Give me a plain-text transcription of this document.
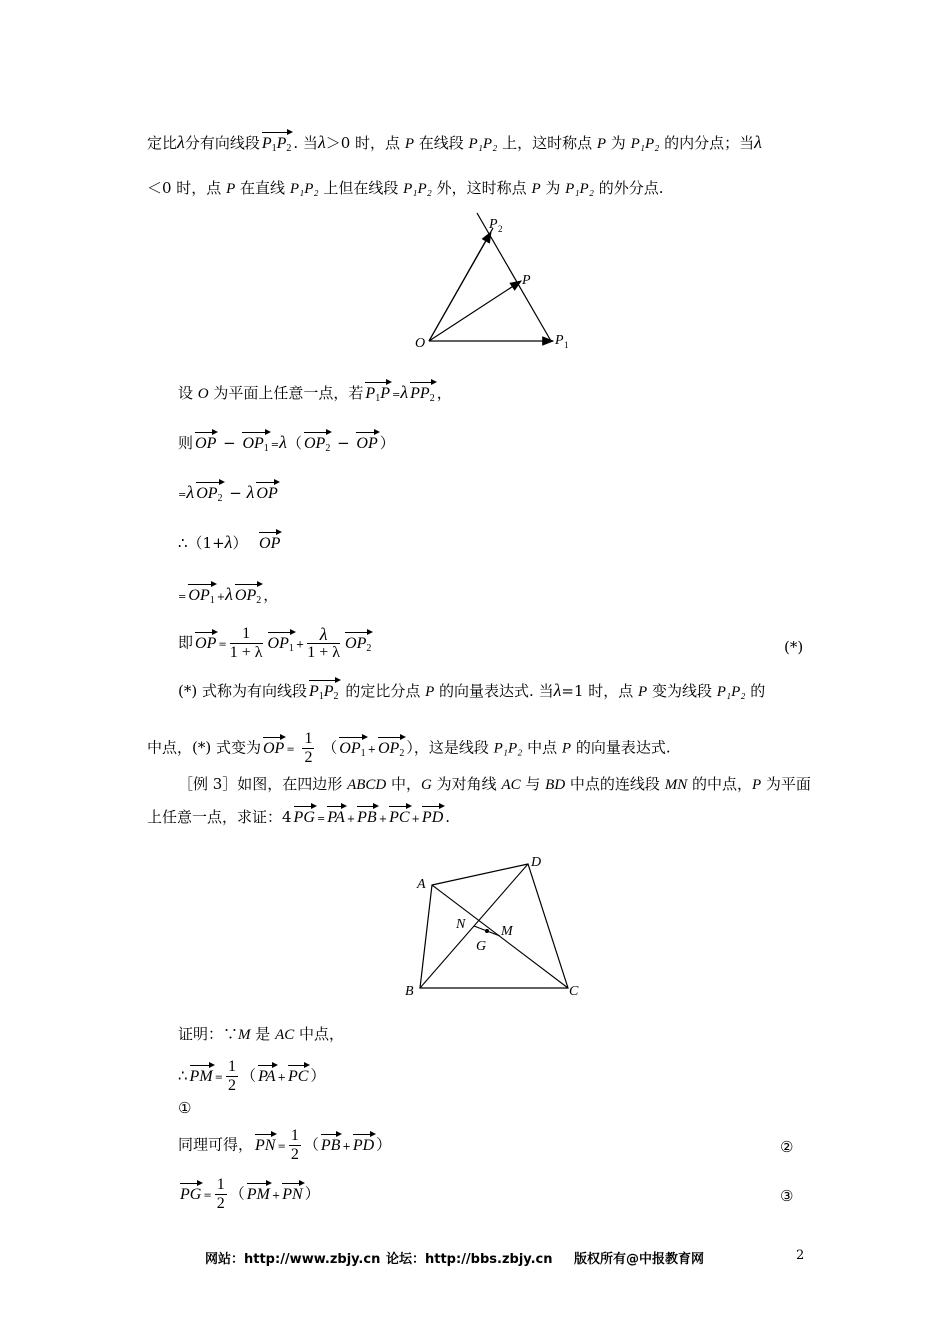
定比λ分有向线段 $P_1P_2$ . 当λ＞0 时，点 P 在线段 P₁P₂ 上，这时称点 P 为 P₁P₂ 的内分点；当λ
＜0 时，点 P 在直线 P₁P₂ 上但在线段 P₁P₂ 外，这时称点 P 为 P₁P₂ 的外分点.
O
P
P 1
P 2
设 O 为平面上任意一点，若 $P_1P =\lambda$ $PP_2$ ，
则 OP − $OP_1 =\lambda$（ $OP_2$ − OP ）
=λ $OP_2 - \lambda$ OP
∴（1+λ） OP
= $OP_1 +\lambda$ $OP_2$ ，
即 OP = $\frac{1}{1 + \lambda} OP_1 + \frac{\lambda}{1 + \lambda} OP_2$	(*)
(*) 式称为有向线段 $P_1P_2$ 的定比分点 P 的向量表达式. 当λ=1 时，点 P 变为线段 P₁P₂ 的
中点，(*) 式变为 OP = $\frac{1}{2}$ （ $OP_1 + OP_2$ ），这是线段 P₁P₂ 中点 P 的向量表达式.
［例 3］如图，在四边形 ABCD 中，G 为对角线 AC 与 BD 中点的连线段 MN 的中点，P 为平面
上任意一点，求证：4 PG = PA + PB + PC + PD .
A
D
B	C
N	M
G
证明：∵M 是 AC 中点，
∴ PM = $\frac{1}{2}$ （ PA + PC ）
①
同理可得， PN = $\frac{1}{2}$ （ PB + PD ）	②
PG = $\frac{1}{2}$ （ PM + PN ）	③
网站：http://www.zbjy.cn 论坛：http://bbs.zbjy.cn 版权所有@中报教育网	2
